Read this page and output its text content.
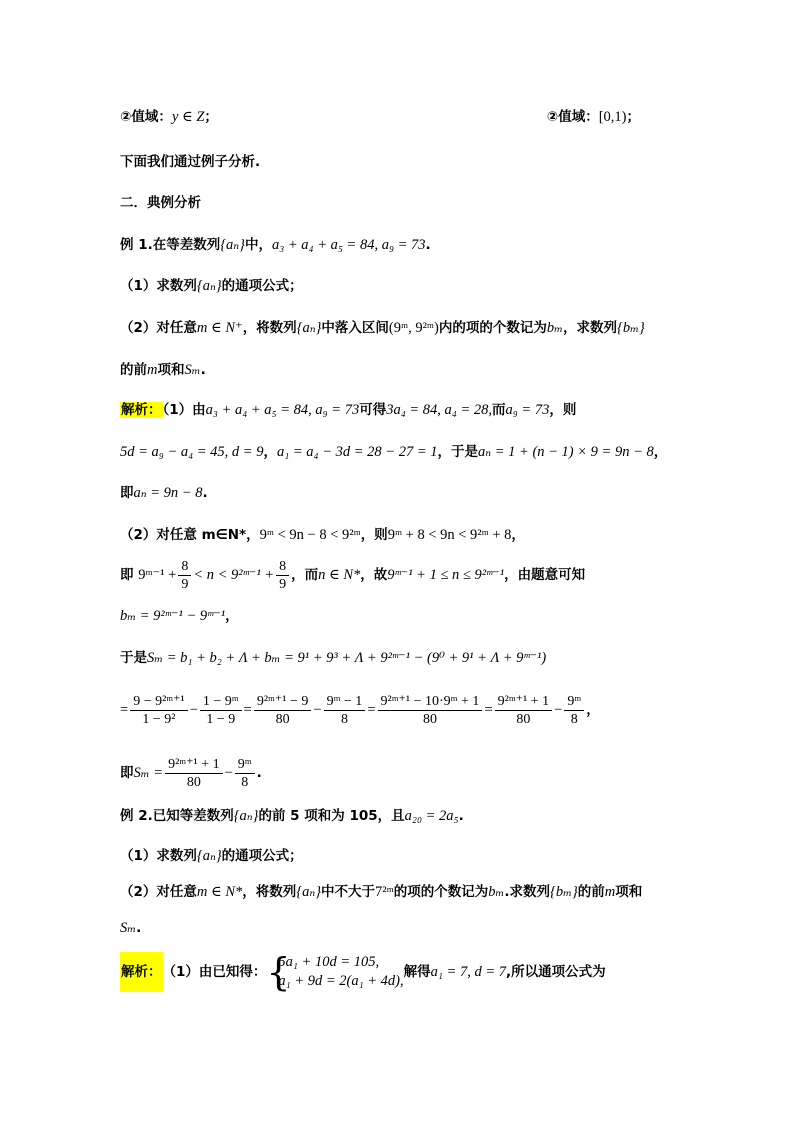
②值域：y ∈ Z；	②值域：[0,1)；
下面我们通过例子分析.
二．典例分析
例 1.在等差数列{aₙ}中，a₃ + a₄ + a₅ = 84, a₉ = 73.
（1）求数列{aₙ}的通项公式；
（2）对任意m ∈ N⁺，将数列{aₙ}中落入区间(9ᵐ, 9²ᵐ)内的项的个数记为bₘ，求数列{bₘ}
的前m项和Sₘ.
解析：（1）由a₃ + a₄ + a₅ = 84, a₉ = 73可得3a₄ = 84, a₄ = 28,而a₉ = 73，则
5d = a₉ − a₄ = 45, d = 9，a₁ = a₄ − 3d = 28 − 27 = 1，于是aₙ = 1 + (n − 1) × 9 = 9n − 8，
即aₙ = 9n − 8.
（2）对任意 m∈N*，9ᵐ < 9n − 8 < 9²ᵐ，则9ᵐ + 8 < 9n < 9²ᵐ + 8，
即 9ᵐ⁻¹ + $\frac{8}{9} < n$ < 9²ᵐ⁻¹ + $\frac{8}{9}$ ，而n ∈ N*，故9ᵐ⁻¹ + 1 ≤ n ≤ 9²ᵐ⁻¹，由题意可知
bₘ = 9²ᵐ⁻¹ − 9ᵐ⁻¹，
于是Sₘ = b₁ + b₂ + Λ + bₘ = 9¹ + 9³ + Λ + 9²ᵐ⁻¹ − (9⁰ + 9¹ + Λ + 9ᵐ⁻¹)
= $\frac{\text{9 − 9²ᵐ⁺¹}}{\text{1 − 9²}} - \frac{\text{1 − 9ᵐ}}{1 - 9} = \frac{\text{9²ᵐ⁺¹ − 9}}{80} - \frac{\text{9ᵐ − 1}}{8} = \frac{\text{9²ᵐ⁺¹ − 10·9ᵐ + 1}}{80} = \frac{\text{9²ᵐ⁺¹ + 1}}{80} - \frac{\text{9ᵐ}}{8}$ ，
即$S_m = \frac{\text{9²ᵐ⁺¹ + 1}}{80} - \frac{\text{9ᵐ}}{8}$ .
例 2.已知等差数列{aₙ}的前 5 项和为 105，且a₂₀ = 2a₅.
（1）求数列{aₙ}的通项公式；
（2）对任意m ∈ N*，将数列{aₙ}中不大于7²ᵐ的项的个数记为bₘ.求数列{bₘ}的前m项和
Sₘ.
解析：（1）由已知得： {
5a₁ + 10d = 105,
a₁ + 9d = 2(a₁ + 4d),
解得a₁ = 7, d = 7,所以通项公式为
